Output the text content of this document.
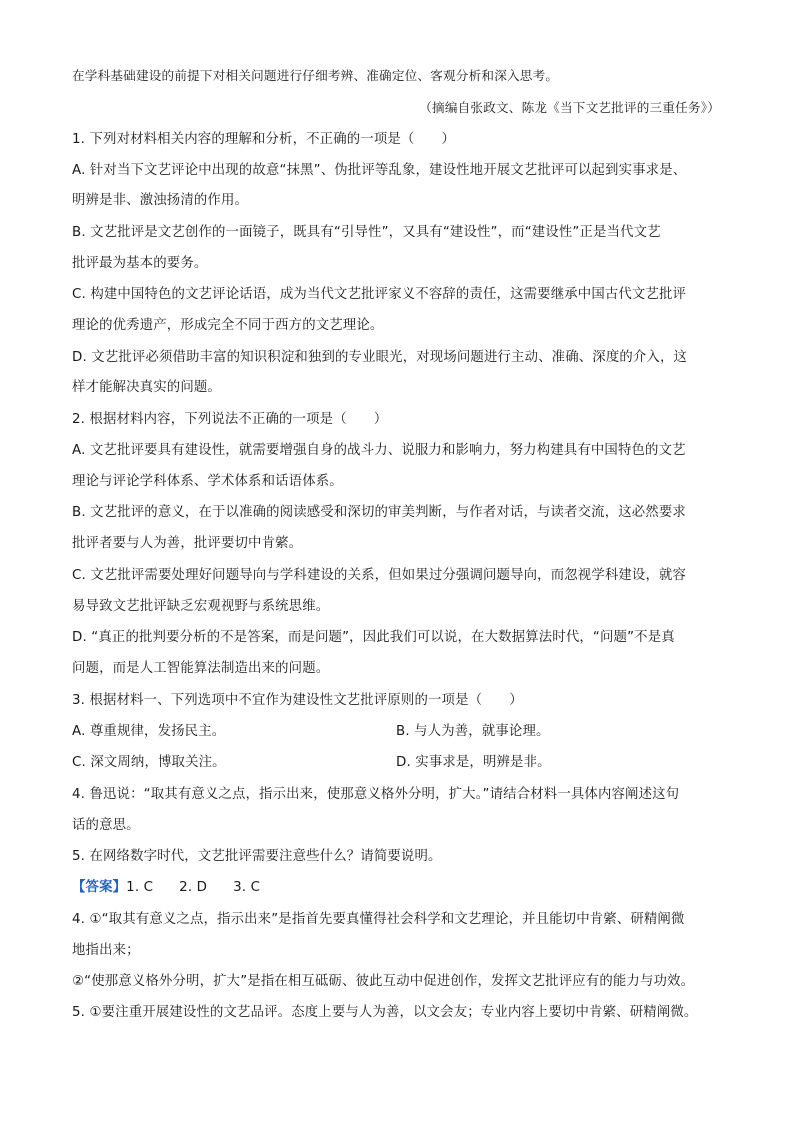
在学科基础建设的前提下对相关问题进行仔细考辨、准确定位、客观分析和深入思考。
（摘编自张政文、陈龙《当下文艺批评的三重任务》）
1. 下列对材料相关内容的理解和分析，不正确的一项是（　　）
A. 针对当下文艺评论中出现的故意“抹黑”、伪批评等乱象，建设性地开展文艺批评可以起到实事求是、
明辨是非、激浊扬清的作用。
B. 文艺批评是文艺创作的一面镜子，既具有“引导性”，又具有“建设性”，而“建设性”正是当代文艺
批评最为基本的要务。
C. 构建中国特色的文艺评论话语，成为当代文艺批评家义不容辞的责任，这需要继承中国古代文艺批评
理论的优秀遗产，形成完全不同于西方的文艺理论。
D. 文艺批评必须借助丰富的知识积淀和独到的专业眼光，对现场问题进行主动、准确、深度的介入，这
样才能解决真实的问题。
2. 根据材料内容，下列说法不正确的一项是（　　）
A. 文艺批评要具有建设性，就需要增强自身的战斗力、说服力和影响力，努力构建具有中国特色的文艺
理论与评论学科体系、学术体系和话语体系。
B. 文艺批评的意义，在于以准确的阅读感受和深切的审美判断，与作者对话，与读者交流，这必然要求
批评者要与人为善，批评要切中肯綮。
C. 文艺批评需要处理好问题导向与学科建设的关系，但如果过分强调问题导向，而忽视学科建设，就容
易导致文艺批评缺乏宏观视野与系统思维。
D. “真正的批判要分析的不是答案，而是问题”，因此我们可以说，在大数据算法时代，“问题”不是真
问题，而是人工智能算法制造出来的问题。
3. 根据材料一、下列选项中不宜作为建设性文艺批评原则的一项是（　　）
A. 尊重规律，发扬民主。	B. 与人为善，就事论理。
C. 深文周纳，博取关注。	D. 实事求是，明辨是非。
4. 鲁迅说：“取其有意义之点，指示出来，使那意义格外分明，扩大。”请结合材料一具体内容阐述这句
话的意思。
5. 在网络数字时代，文艺批评需要注意些什么？请简要说明。
【答案】1. C 2. D 3. C
4. ①“取其有意义之点，指示出来”是指首先要真懂得社会科学和文艺理论，并且能切中肯綮、研精阐微
地指出来；
②“使那意义格外分明，扩大”是指在相互砥砺、彼此互动中促进创作，发挥文艺批评应有的能力与功效。
5. ①要注重开展建设性的文艺品评。态度上要与人为善，以文会友；专业内容上要切中肯綮、研精阐微。
